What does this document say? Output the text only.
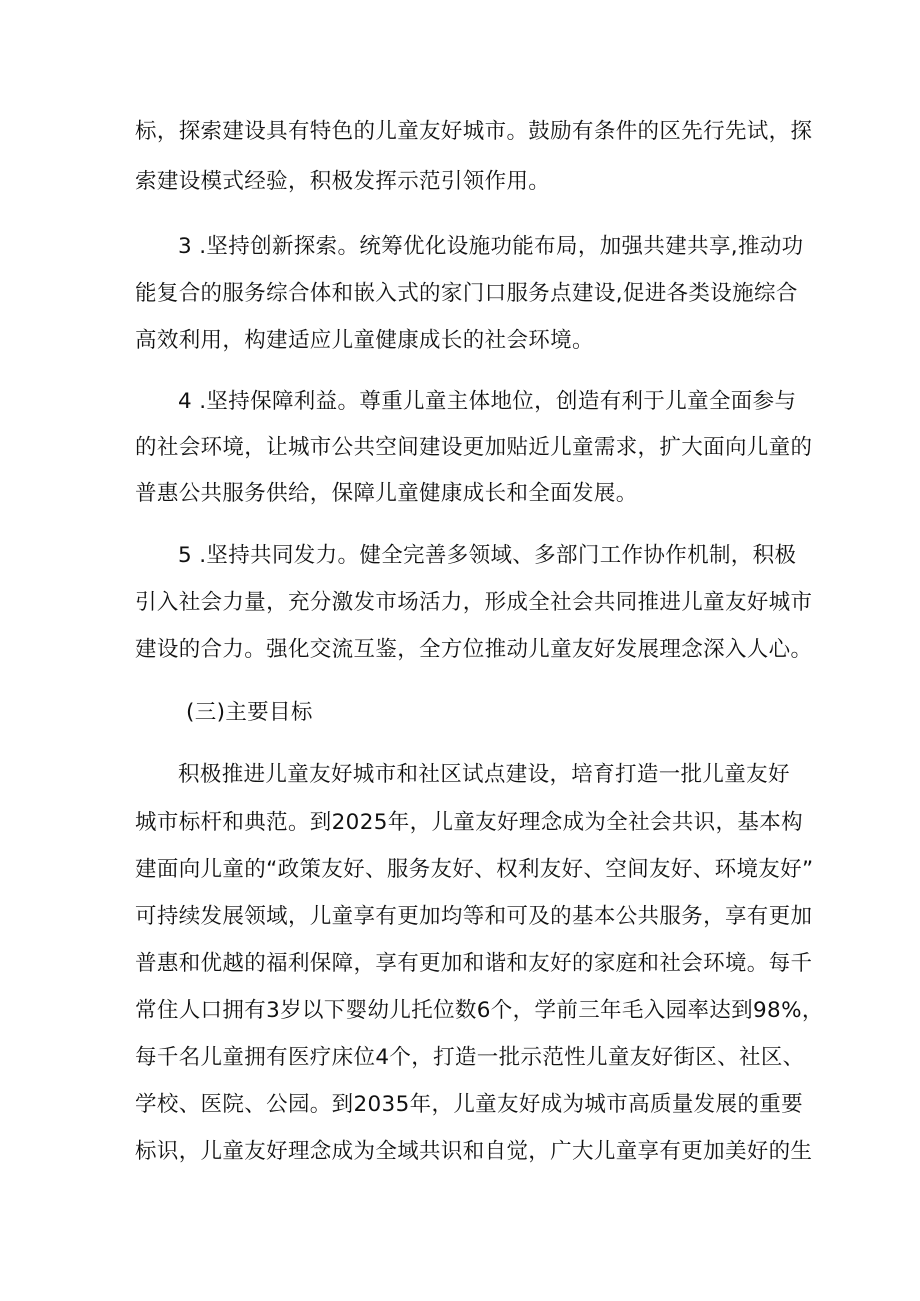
标，探索建设具有特色的儿童友好城市。鼓励有条件的区先行先试，探
索建设模式经验，积极发挥示范引领作用。
3 .坚持创新探索。统筹优化设施功能布局，加强共建共享,推动功
能复合的服务综合体和嵌入式的家门口服务点建设,促进各类设施综合
高效利用，构建适应儿童健康成长的社会环境。
4 .坚持保障利益。尊重儿童主体地位，创造有利于儿童全面参与
的社会环境，让城市公共空间建设更加贴近儿童需求，扩大面向儿童的
普惠公共服务供给，保障儿童健康成长和全面发展。
5 .坚持共同发力。健全完善多领域、多部门工作协作机制，积极
引入社会力量，充分激发市场活力，形成全社会共同推进儿童友好城市
建设的合力。强化交流互鉴，全方位推动儿童友好发展理念深入人心。
(三)主要目标
积极推进儿童友好城市和社区试点建设，培育打造一批儿童友好
城市标杆和典范。到2025年，儿童友好理念成为全社会共识，基本构
建面向儿童的“政策友好、服务友好、权利友好、空间友好、环境友好”
可持续发展领域，儿童享有更加均等和可及的基本公共服务，享有更加
普惠和优越的福利保障，享有更加和谐和友好的家庭和社会环境。每千
常住人口拥有3岁以下婴幼儿托位数6个，学前三年毛入园率达到98%，
每千名儿童拥有医疗床位4个，打造一批示范性儿童友好街区、社区、
学校、医院、公园。到2035年，儿童友好成为城市高质量发展的重要
标识，儿童友好理念成为全域共识和自觉，广大儿童享有更加美好的生
